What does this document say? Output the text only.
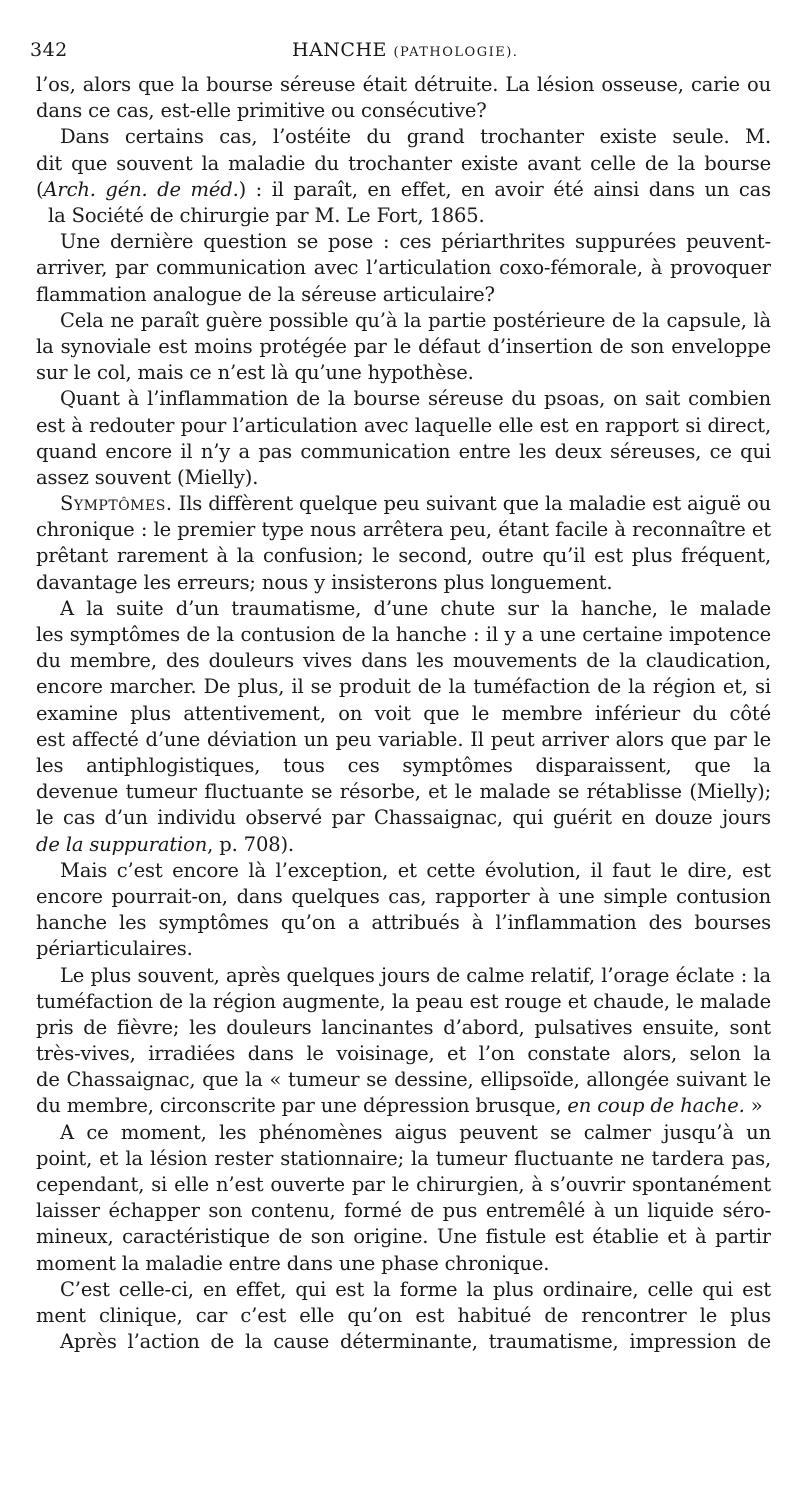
342	HANCHE (PATHOLOGIE).
l’os, alors que la bourse séreuse était détruite. La lésion osseuse, carie ou
dans ce cas, est-elle primitive ou consécutive?
Dans certains cas, l’ostéite du grand trochanter existe seule. M.
dit que souvent la maladie du trochanter existe avant celle de la bourse
(Arch. gén. de méd.) : il paraît, en effet, en avoir été ainsi dans un cas
la Société de chirurgie par M. Le Fort, 1865.
Une dernière question se pose : ces périarthrites suppurées peuvent-
arriver, par communication avec l’articulation coxo-fémorale, à provoquer
flammation analogue de la séreuse articulaire?
Cela ne paraît guère possible qu’à la partie postérieure de la capsule, là
la synoviale est moins protégée par le défaut d’insertion de son enveloppe
sur le col, mais ce n’est là qu’une hypothèse.
Quant à l’inflammation de la bourse séreuse du psoas, on sait combien
est à redouter pour l’articulation avec laquelle elle est en rapport si direct,
quand encore il n’y a pas communication entre les deux séreuses, ce qui
assez souvent (Mielly).
Symptômes. Ils diffèrent quelque peu suivant que la maladie est aiguë ou
chronique : le premier type nous arrêtera peu, étant facile à reconnaître et
prêtant rarement à la confusion; le second, outre qu’il est plus fréquent,
davantage les erreurs; nous y insisterons plus longuement.
A la suite d’un traumatisme, d’une chute sur la hanche, le malade
les symptômes de la contusion de la hanche : il y a une certaine impotence
du membre, des douleurs vives dans les mouvements de la claudication,
encore marcher. De plus, il se produit de la tuméfaction de la région et, si
examine plus attentivement, on voit que le membre inférieur du côté
est affecté d’une déviation un peu variable. Il peut arriver alors que par le
les antiphlogistiques, tous ces symptômes disparaissent, que la
devenue tumeur fluctuante se résorbe, et le malade se rétablisse (Mielly);
le cas d’un individu observé par Chassaignac, qui guérit en douze jours
de la suppuration, p. 708).
Mais c’est encore là l’exception, et cette évolution, il faut le dire, est
encore pourrait-on, dans quelques cas, rapporter à une simple contusion
hanche les symptômes qu’on a attribués à l’inflammation des bourses
périarticulaires.
Le plus souvent, après quelques jours de calme relatif, l’orage éclate : la
tuméfaction de la région augmente, la peau est rouge et chaude, le malade
pris de fièvre; les douleurs lancinantes d’abord, pulsatives ensuite, sont
très-vives, irradiées dans le voisinage, et l’on constate alors, selon la
de Chassaignac, que la « tumeur se dessine, ellipsoïde, allongée suivant le
du membre, circonscrite par une dépression brusque, en coup de hache. »
A ce moment, les phénomènes aigus peuvent se calmer jusqu’à un
point, et la lésion rester stationnaire; la tumeur fluctuante ne tardera pas,
cependant, si elle n’est ouverte par le chirurgien, à s’ouvrir spontanément
laisser échapper son contenu, formé de pus entremêlé à un liquide séro-
mineux, caractéristique de son origine. Une fistule est établie et à partir
moment la maladie entre dans une phase chronique.
C’est celle-ci, en effet, qui est la forme la plus ordinaire, celle qui est
ment clinique, car c’est elle qu’on est habitué de rencontrer le plus
Après l’action de la cause déterminante, traumatisme, impression de
